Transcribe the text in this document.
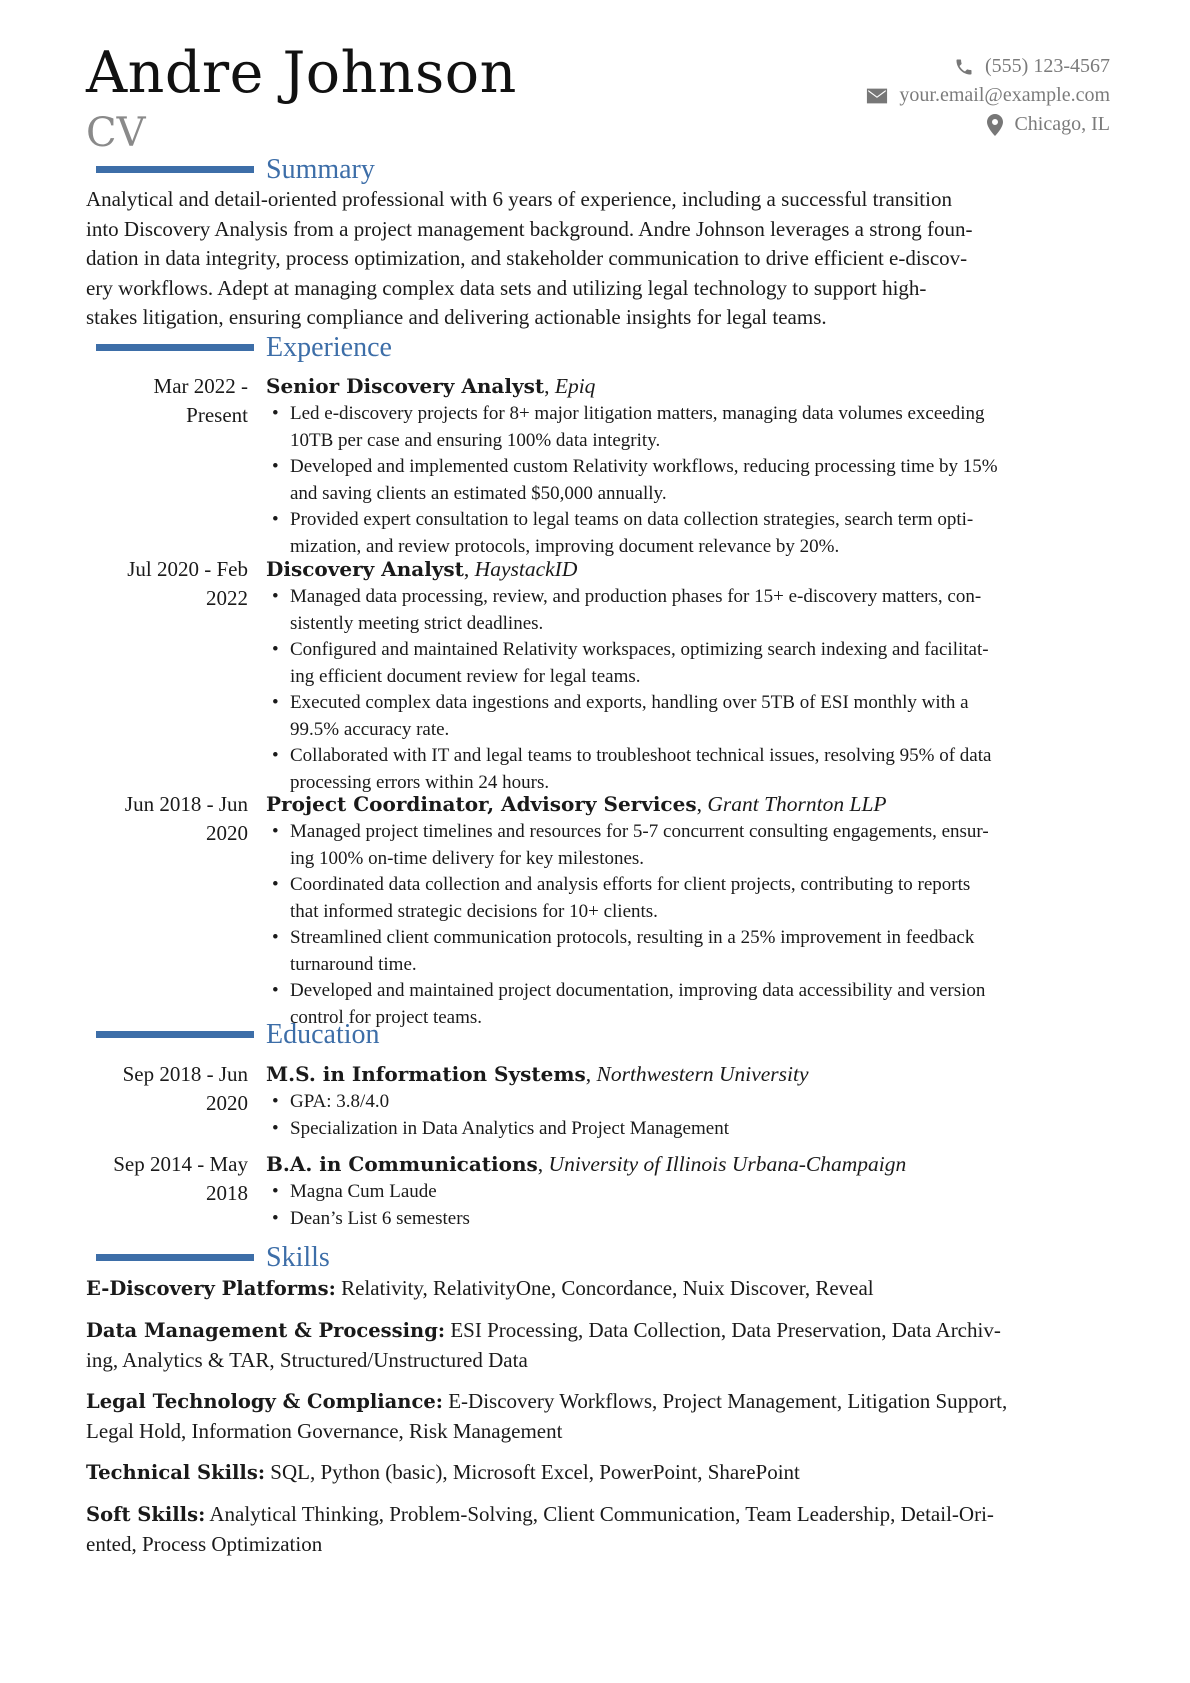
Andre Johnson
CV
(555) 123-4567
your.email@example.com
Chicago, IL
Summary
Analytical and detail-oriented professional with 6 years of experience, including a successful transition
into Discovery Analysis from a project management background. Andre Johnson leverages a strong foun-
dation in data integrity, process optimization, and stakeholder communication to drive efficient e-discov-
ery workflows. Adept at managing complex data sets and utilizing legal technology to support high-
stakes litigation, ensuring compliance and delivering actionable insights for legal teams.
Experience
Mar 2022 -
Present
Senior Discovery Analyst, Epiq
• Led e-discovery projects for 8+ major litigation matters, managing data volumes exceeding
10TB per case and ensuring 100% data integrity.
• Developed and implemented custom Relativity workflows, reducing processing time by 15%
and saving clients an estimated $50,000 annually.
• Provided expert consultation to legal teams on data collection strategies, search term opti-
mization, and review protocols, improving document relevance by 20%.
Jul 2020 - Feb
2022
Discovery Analyst, HaystackID
• Managed data processing, review, and production phases for 15+ e-discovery matters, con-
sistently meeting strict deadlines.
• Configured and maintained Relativity workspaces, optimizing search indexing and facilitat-
ing efficient document review for legal teams.
• Executed complex data ingestions and exports, handling over 5TB of ESI monthly with a
99.5% accuracy rate.
• Collaborated with IT and legal teams to troubleshoot technical issues, resolving 95% of data
processing errors within 24 hours.
Jun 2018 - Jun
2020
Project Coordinator, Advisory Services, Grant Thornton LLP
• Managed project timelines and resources for 5-7 concurrent consulting engagements, ensur-
ing 100% on-time delivery for key milestones.
• Coordinated data collection and analysis efforts for client projects, contributing to reports
that informed strategic decisions for 10+ clients.
• Streamlined client communication protocols, resulting in a 25% improvement in feedback
turnaround time.
• Developed and maintained project documentation, improving data accessibility and version
control for project teams.
Education
Sep 2018 - Jun
2020
M.S. in Information Systems, Northwestern University
• GPA: 3.8/4.0
• Specialization in Data Analytics and Project Management
Sep 2014 - May
2018
B.A. in Communications, University of Illinois Urbana-Champaign
• Magna Cum Laude
• Dean’s List 6 semesters
Skills
E-Discovery Platforms: Relativity, RelativityOne, Concordance, Nuix Discover, Reveal
Data Management & Processing: ESI Processing, Data Collection, Data Preservation, Data Archiv-
ing, Analytics & TAR, Structured/Unstructured Data
Legal Technology & Compliance: E-Discovery Workflows, Project Management, Litigation Support,
Legal Hold, Information Governance, Risk Management
Technical Skills: SQL, Python (basic), Microsoft Excel, PowerPoint, SharePoint
Soft Skills: Analytical Thinking, Problem-Solving, Client Communication, Team Leadership, Detail-Ori-
ented, Process Optimization
